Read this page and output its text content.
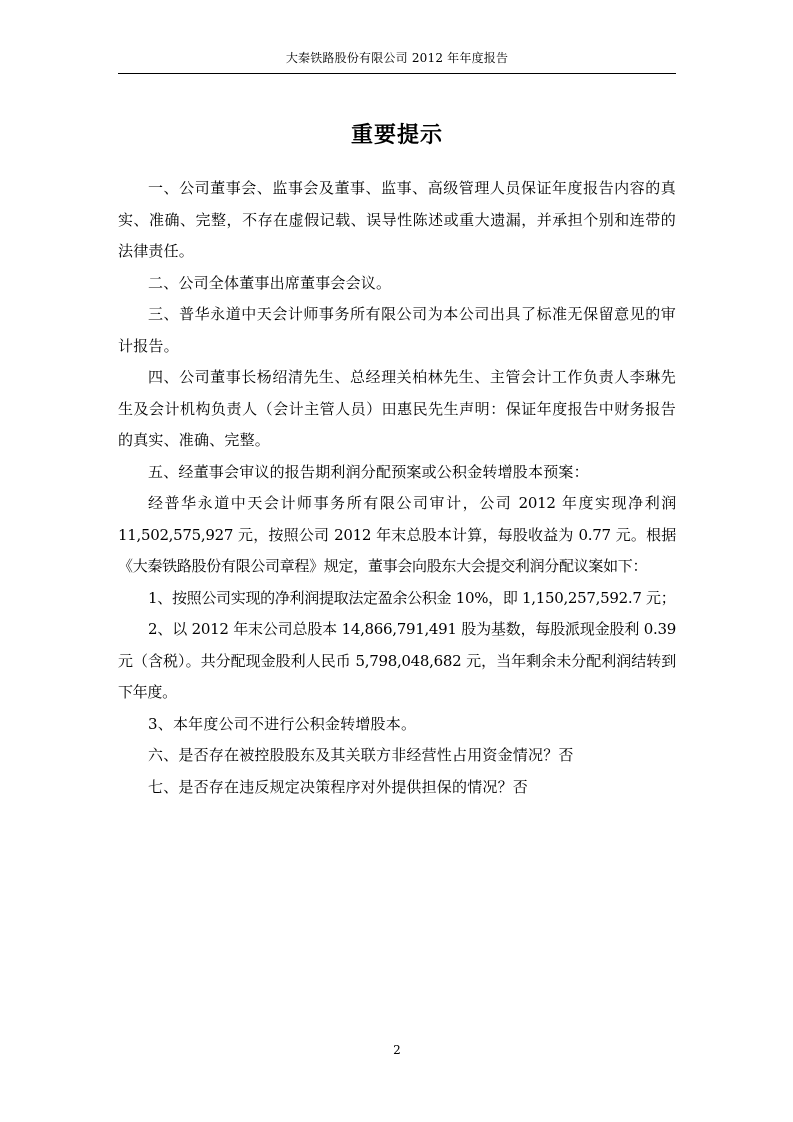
大秦铁路股份有限公司 2012 年年度报告
重要提示

一、公司董事会、监事会及董事、监事、高级管理人员保证年度报告内容的真实、准确、完整，不存在虚假记载、误导性陈述或重大遗漏，并承担个别和连带的法律责任。

二、公司全体董事出席董事会会议。

三、普华永道中天会计师事务所有限公司为本公司出具了标准无保留意见的审计报告。

四、公司董事长杨绍清先生、总经理关柏林先生、主管会计工作负责人李琳先生及会计机构负责人（会计主管人员）田惠民先生声明：保证年度报告中财务报告的真实、准确、完整。

五、经董事会审议的报告期利润分配预案或公积金转增股本预案：

经普华永道中天会计师事务所有限公司审计，公司 2012 年度实现净利润11,502,575,927 元，按照公司 2012 年末总股本计算，每股收益为 0.77 元。根据《大秦铁路股份有限公司章程》规定，董事会向股东大会提交利润分配议案如下：

1、按照公司实现的净利润提取法定盈余公积金 10%，即 1,150,257,592.7 元；

2、以 2012 年末公司总股本 14,866,791,491 股为基数，每股派现金股利 0.39 元（含税）。共分配现金股利人民币 5,798,048,682 元，当年剩余未分配利润结转到下年度。

3、本年度公司不进行公积金转增股本。

六、是否存在被控股股东及其关联方非经营性占用资金情况？否

七、是否存在违反规定决策程序对外提供担保的情况？否

2
